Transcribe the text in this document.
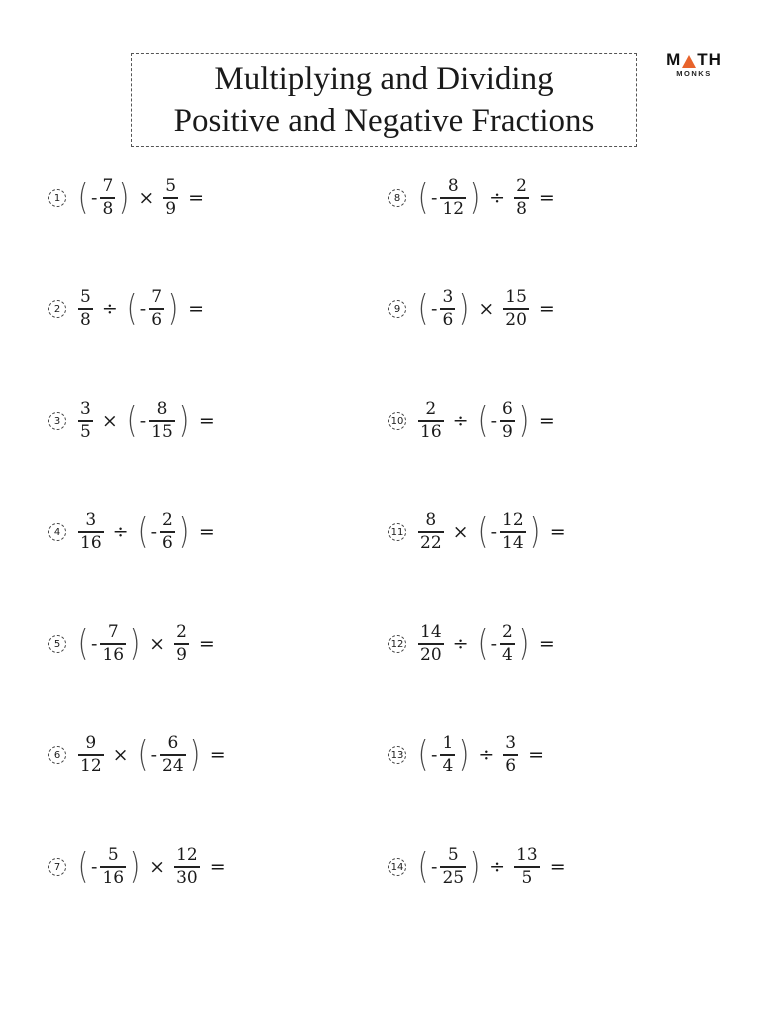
Multiplying and Dividing
Positive and Negative Fractions
M TH
MONKS
1 ( - $\frac{7}{8}$ ) × $\frac{5}{9}$ =
2	$\frac{5}{8}$ ÷ ( - $\frac{7}{6}$ ) =
3	$\frac{3}{5}$ × ( - $\frac{8}{15}$ ) =
4	$\frac{3}{16}$ ÷ ( - $\frac{2}{6}$ ) =
5 ( - $\frac{7}{16}$ ) × $\frac{2}{9}$ =
6	$\frac{9}{12}$ × ( - $\frac{6}{24}$ ) =
7 ( - $\frac{5}{16}$ ) × $\frac{12}{30}$ =
8 ( - $\frac{8}{12}$ ) ÷ $\frac{2}{8}$ =
9 ( - $\frac{3}{6}$ ) × $\frac{15}{20}$ =
$10 \frac{2}{16}$ ÷ ( - $\frac{6}{9}$ ) =
$11 \frac{8}{22}$ × ( - $\frac{12}{14}$ ) =
$12 \frac{14}{20}$ ÷ ( - $\frac{2}{4}$ ) =
13 ( - $\frac{1}{4}$ ) ÷ $\frac{3}{6}$ =
14 ( - $\frac{5}{25}$ ) ÷ $\frac{13}{5}$ =
